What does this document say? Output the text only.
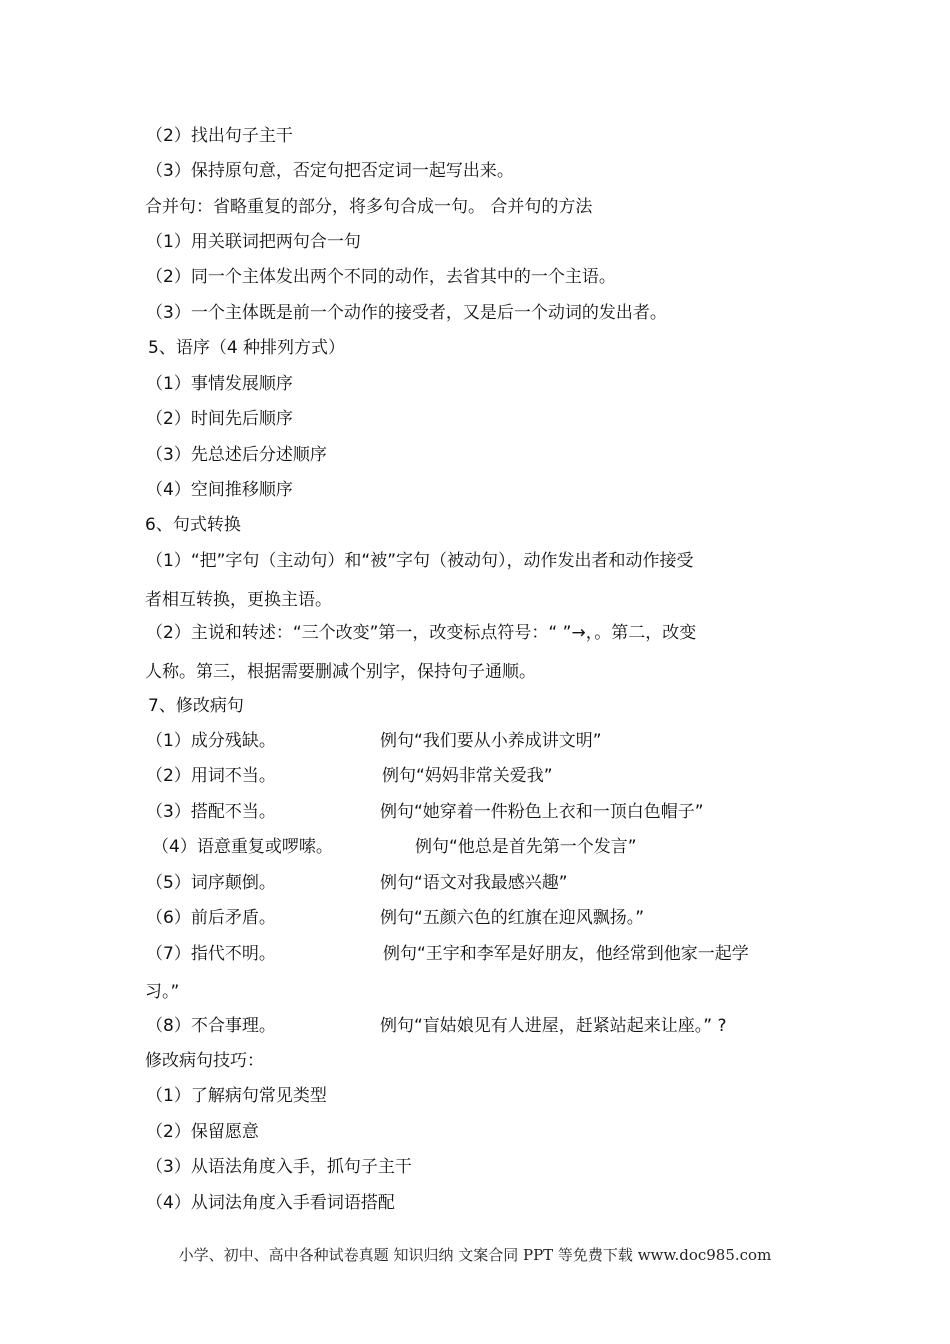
（2）找出句子主干
（3）保持原句意，否定句把否定词一起写出来。
合并句：省略重复的部分，将多句合成一句。 合并句的方法
（1）用关联词把两句合一句
（2）同一个主体发出两个不同的动作，去省其中的一个主语。
（3）一个主体既是前一个动作的接受者，又是后一个动词的发出者。
5、语序（4 种排列方式）
（1）事情发展顺序
（2）时间先后顺序
（3）先总述后分述顺序
（4）空间推移顺序
6、句式转换
（1）“把”字句（主动句）和“被”字句（被动句），动作发出者和动作接受
者相互转换，更换主语。
（2）主说和转述：“三个改变”第一，改变标点符号：“ ”→，。第二，改变
人称。第三，根据需要删减个别字，保持句子通顺。
7、修改病句
（1）成分残缺。	例句“我们要从小养成讲文明”
（2）用词不当。	例句“妈妈非常关爱我”
（3）搭配不当。	例句“她穿着一件粉色上衣和一顶白色帽子”
（4）语意重复或啰嗦。	例句“他总是首先第一个发言”
（5）词序颠倒。	例句“语文对我最感兴趣”
（6）前后矛盾。	例句“五颜六色的红旗在迎风飘扬。”
（7）指代不明。	例句“王宇和李军是好朋友，他经常到他家一起学
习。”
（8）不合事理。	例句“盲姑娘见有人进屋，赶紧站起来让座。” ?
修改病句技巧：
（1）了解病句常见类型
（2）保留愿意
（3）从语法角度入手，抓句子主干
（4）从词法角度入手看词语搭配
小学、初中、高中各种试卷真题 知识归纳 文案合同 PPT 等免费下载 www.doc985.com
